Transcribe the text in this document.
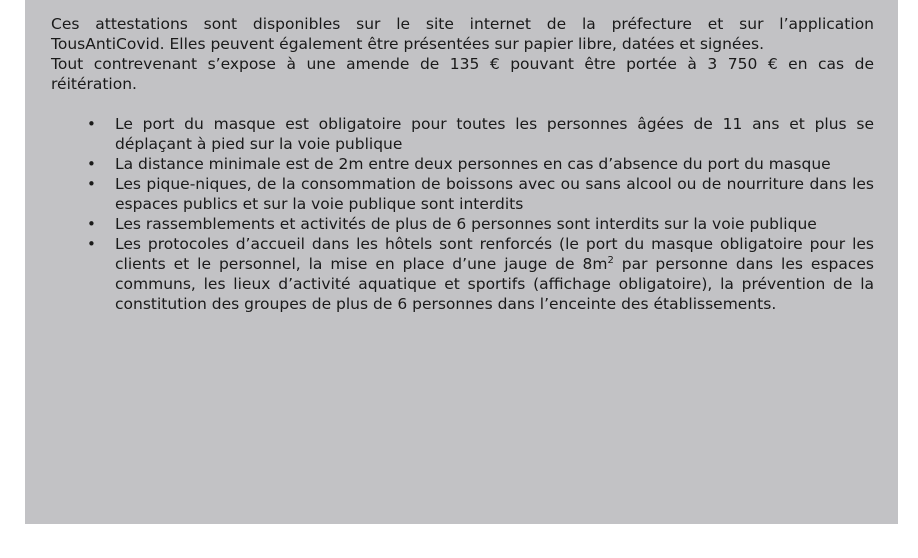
Ces attestations sont disponibles sur le site internet de la préfecture et sur l’application
TousAntiCovid. Elles peuvent également être présentées sur papier libre, datées et signées.
Tout contrevenant s’expose à une amende de 135 € pouvant être portée à 3 750 € en cas de
réitération.

• Le port du masque est obligatoire pour toutes les personnes âgées de 11 ans et plus se déplaçant à pied sur la voie publique
• La distance minimale est de 2m entre deux personnes en cas d’absence du port du masque
• Les pique-niques, de la consommation de boissons avec ou sans alcool ou de nourriture dans les espaces publics et sur la voie publique sont interdits
• Les rassemblements et activités de plus de 6 personnes sont interdits sur la voie publique
• Les protocoles d’accueil dans les hôtels sont renforcés (le port du masque obligatoire pour les clients et le personnel, la mise en place d’une jauge de $8m^2$ par personne dans les espaces communs, les lieux d’activité aquatique et sportifs (affichage obligatoire), la prévention de la constitution des groupes de plus de 6 personnes dans l’enceinte des établissements.
